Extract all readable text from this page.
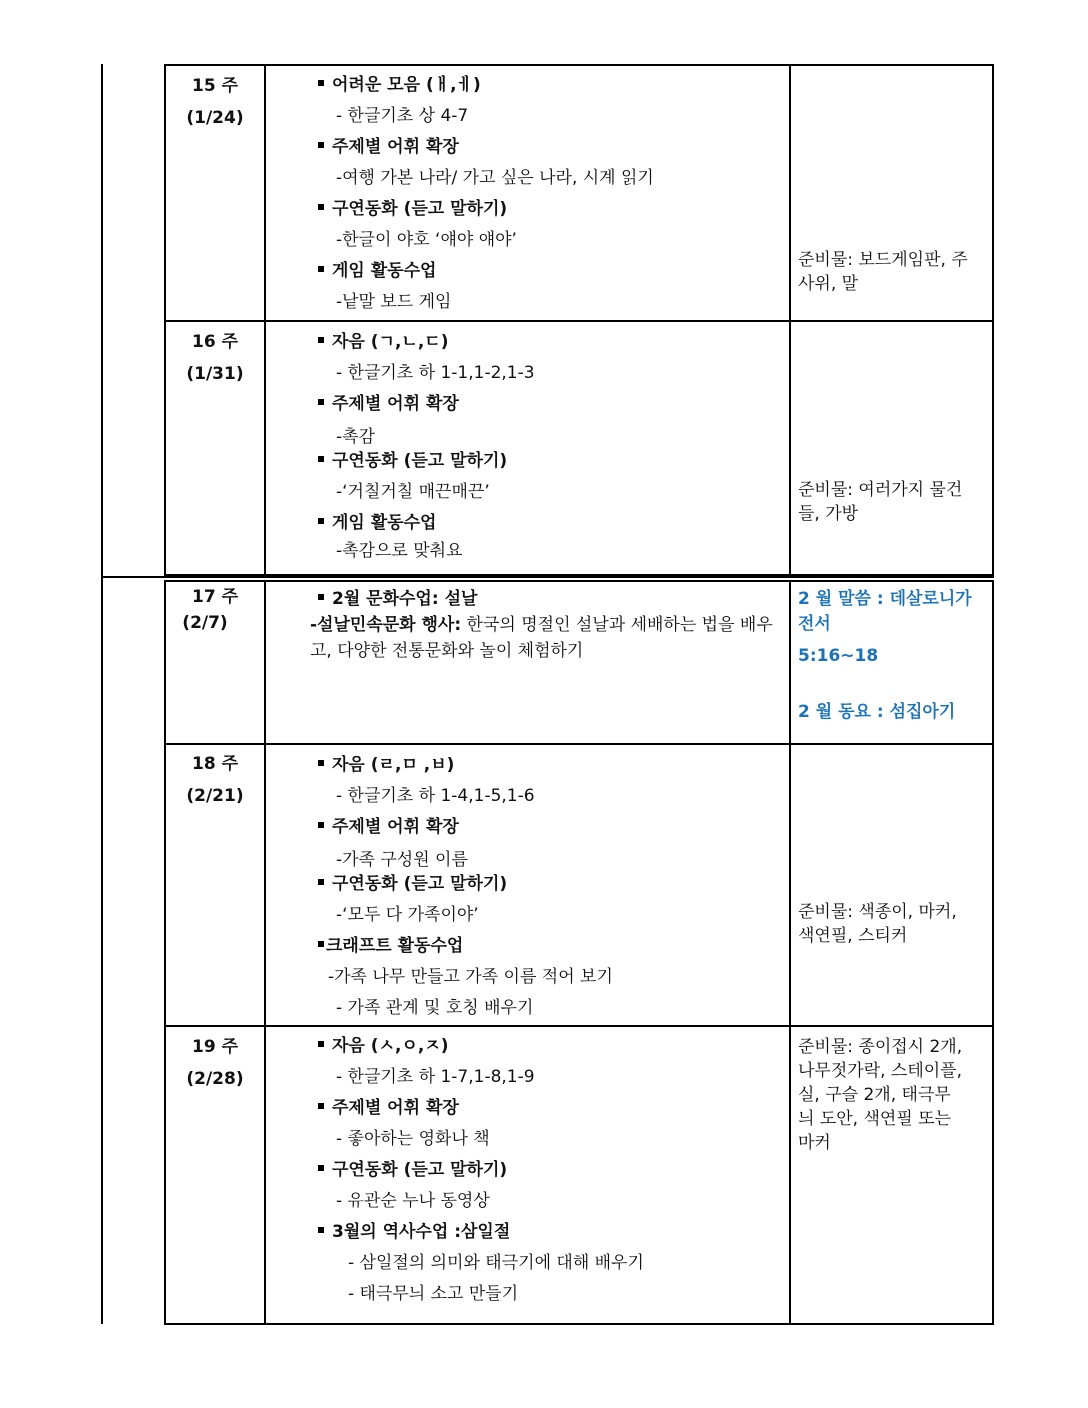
15 주
(1/24)
어려운 모음 (ㅐ,ㅔ)
- 한글기초 상 4-7
주제별 어휘 확장
-여행 가본 나라/ 가고 싶은 나라, 시계 읽기
구연동화 (듣고 말하기)
-한글이 야호 ‘얘야 얘야’
게임 활동수업
-낱말 보드 게임
준비물: 보드게임판, 주사위, 말
16 주
(1/31)
자음 (ㄱ,ㄴ,ㄷ)
- 한글기초 하 1-1,1-2,1-3
주제별 어휘 확장
-촉감
구연동화 (듣고 말하기)
-‘거칠거칠 매끈매끈’
게임 활동수업
-촉감으로 맞춰요
준비물: 여러가지 물건들, 가방
17 주
(2/7)
2월 문화수업: 설날
-설날민속문화 행사: 한국의 명절인 설날과 세배하는 법을 배우고, 다양한 전통문화와 놀이 체험하기
2 월 말씀 : 데살로니가전서
5:16~18
2 월 동요 : 섬집아기
18 주
(2/21)
자음 (ㄹ,ㅁ ,ㅂ)
- 한글기초 하 1-4,1-5,1-6
주제별 어휘 확장
-가족 구성원 이름
구연동화 (듣고 말하기)
-‘모두 다 가족이야’
크래프트 활동수업
-가족 나무 만들고 가족 이름 적어 보기
- 가족 관계 및 호칭 배우기
준비물: 색종이, 마커, 색연필, 스티커
19 주
(2/28)
자음 (ㅅ,ㅇ,ㅈ)
- 한글기초 하 1-7,1-8,1-9
주제별 어휘 확장
- 좋아하는 영화나 책
구연동화 (듣고 말하기)
- 유관순 누나 동영상
3월의 역사수업 :삼일절
- 삼일절의 의미와 태극기에 대해 배우기
- 태극무늬 소고 만들기
준비물: 종이접시 2개, 나무젓가락, 스테이플, 실, 구슬 2개, 태극무늬 도안, 색연필 또는 마커
